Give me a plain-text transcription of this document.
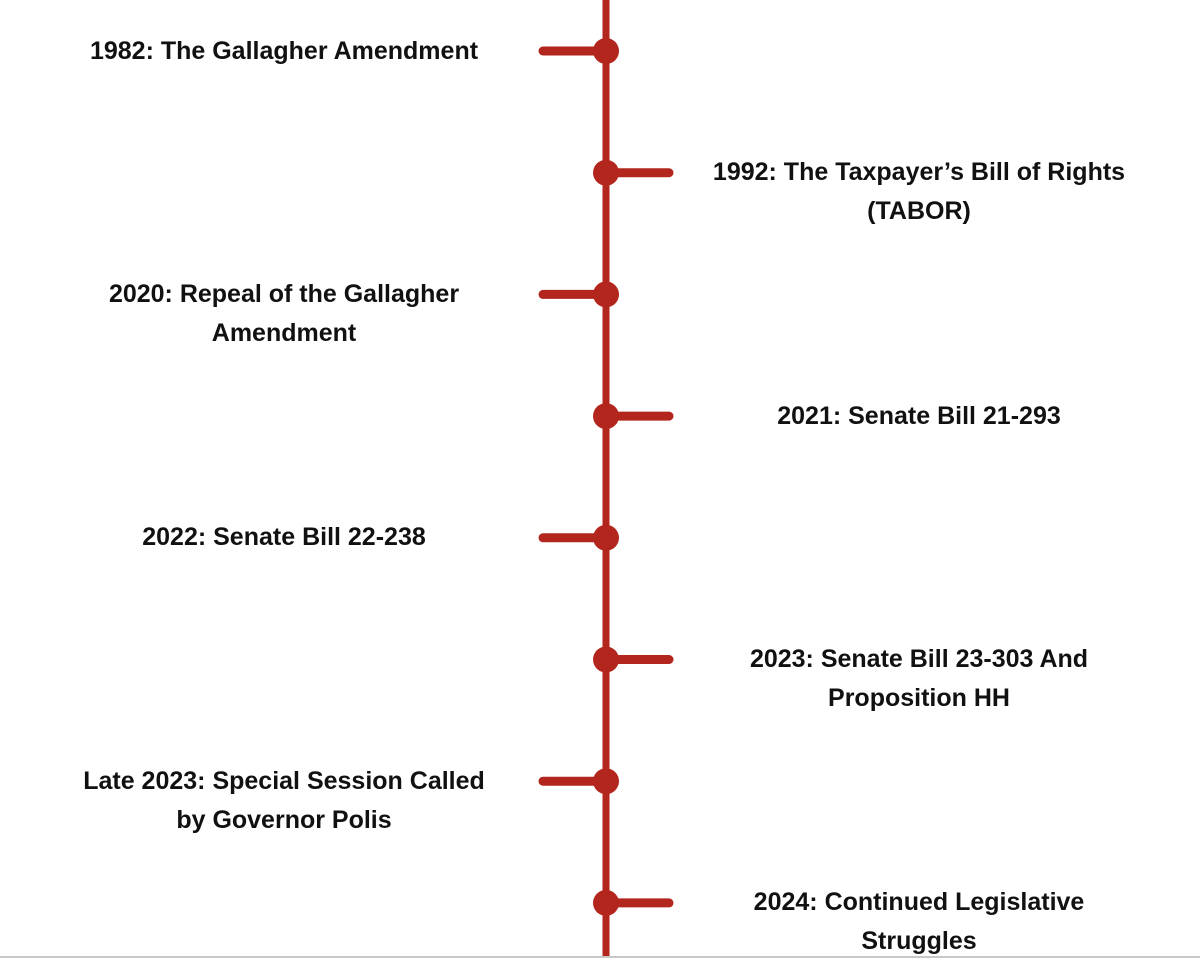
1982: The Gallagher Amendment
1992: The Taxpayer’s Bill of Rights
(TABOR)
2020: Repeal of the Gallagher
Amendment
2021: Senate Bill 21-293
2022: Senate Bill 22-238
2023: Senate Bill 23-303 And
Proposition HH
Late 2023: Special Session Called
by Governor Polis
2024: Continued Legislative
Struggles
